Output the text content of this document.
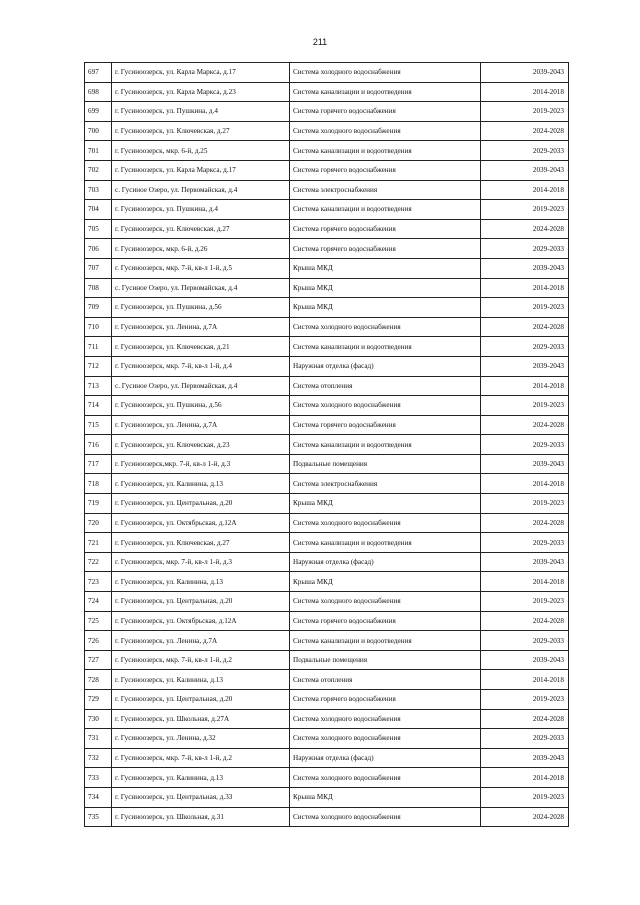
211
697	г. Гусиноозерск, ул. Карла Маркса, д.17	Система холодного водоснабжения	2039-2043
698	г. Гусиноозерск, ул. Карла Маркса, д.23	Система канализации и водоотведения	2014-2018
699	г. Гусиноозерск, ул. Пушкина, д.4	Система горячего водоснабжения	2019-2023
700	г. Гусиноозерск, ул. Ключевская, д.27	Система холодного водоснабжения	2024-2028
701	г. Гусиноозерск, мкр. 6-й, д.25	Система канализации и водоотведения	2029-2033
702	г. Гусиноозерск, ул. Карла Маркса, д.17	Система горячего водоснабжения	2039-2043
703	с. Гусиное Озеро, ул. Первомайская, д.4	Система электроснабжения	2014-2018
704	г. Гусиноозерск, ул. Пушкина, д.4	Система канализации и водоотведения	2019-2023
705	г. Гусиноозерск, ул. Ключевская, д.27	Система горячего водоснабжения	2024-2028
706	г. Гусиноозерск, мкр. 6-й, д.26	Система горячего водоснабжения	2029-2033
707	г. Гусиноозерск, мкр. 7-й, кв-л 1-й, д.5	Крыша МКД	2039-2043
708	с. Гусиное Озеро, ул. Первомайская, д.4	Крыша МКД	2014-2018
709	г. Гусиноозерск, ул. Пушкина, д.56	Крыша МКД	2019-2023
710	г. Гусиноозерск, ул. Ленина, д.7А	Система холодного водоснабжения	2024-2028
711	г. Гусиноозерск, ул. Ключевская, д.21	Система канализации и водоотведения	2029-2033
712	г. Гусиноозерск, мкр. 7-й, кв-л 1-й, д.4	Наружная отделка (фасад)	2039-2043
713	с. Гусиное Озеро, ул. Первомайская, д.4	Система отопления	2014-2018
714	г. Гусиноозерск, ул. Пушкина, д.56	Система холодного водоснабжения	2019-2023
715	г. Гусиноозерск, ул. Ленина, д.7А	Система горячего водоснабжения	2024-2028
716	г. Гусиноозерск, ул. Ключевская, д.23	Система канализации и водоотведения	2029-2033
717	г. Гусиноозерск,мкр. 7-й, кв-л 1-й, д.3	Подвальные помещения	2039-2043
718	г. Гусиноозерск, ул. Калинина, д.13	Система электроснабжения	2014-2018
719	г. Гусиноозерск, ул. Центральная, д.20	Крыша МКД	2019-2023
720	г. Гусиноозерск, ул. Октябрьская, д.12А	Система холодного водоснабжения	2024-2028
721	г. Гусиноозерск, ул. Ключевская, д.27	Система канализации и водоотведения	2029-2033
722	г. Гусиноозерск, мкр. 7-й, кв-л 1-й, д.3	Наружная отделка (фасад)	2039-2043
723	г. Гусиноозерск, ул. Калинина, д.13	Крыша МКД	2014-2018
724	г. Гусиноозерск, ул. Центральная, д.20	Система холодного водоснабжения	2019-2023
725	г. Гусиноозерск, ул. Октябрьская, д.12А	Система горячего водоснабжения	2024-2028
726	г. Гусиноозерск, ул. Ленина, д.7А	Система канализации и водоотведения	2029-2033
727	г. Гусиноозерск, мкр. 7-й, кв-л 1-й, д.2	Подвальные помещения	2039-2043
728	г. Гусиноозерск, ул. Калинина, д.13	Система отопления	2014-2018
729	г. Гусиноозерск, ул. Центральная, д.20	Система горячего водоснабжения	2019-2023
730	г. Гусиноозерск, ул. Школьная, д.27А	Система холодного водоснабжения	2024-2028
731	г. Гусиноозерск, ул. Ленина, д.32	Система холодного водоснабжения	2029-2033
732	г. Гусиноозерск, мкр. 7-й, кв-л 1-й, д.2	Наружная отделка (фасад)	2039-2043
733	г. Гусиноозерск, ул. Калинина, д.13	Система холодного водоснабжения	2014-2018
734	г. Гусиноозерск, ул. Центральная, д.33	Крыша МКД	2019-2023
735	г. Гусиноозерск, ул. Школьная, д.31	Система холодного водоснабжения	2024-2028
